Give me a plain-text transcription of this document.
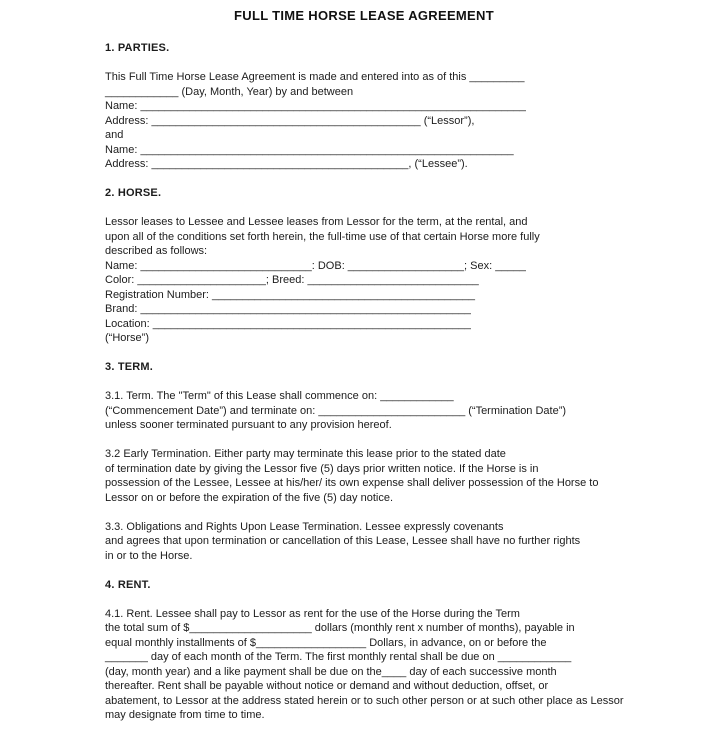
FULL TIME HORSE LEASE AGREEMENT
1. PARTIES.
This Full Time Horse Lease Agreement is made and entered into as of this _________
____________ (Day, Month, Year) by and between
Name: _______________________________________________________________
Address: ____________________________________________ (“Lessor”),
and
Name: _____________________________________________________________
Address: __________________________________________, (“Lessee”).
2. HORSE.
Lessor leases to Lessee and Lessee leases from Lessor for the term, at the rental, and
upon all of the conditions set forth herein, the full-time use of that certain Horse more fully
described as follows:
Name: ____________________________: DOB: ___________________; Sex: _____
Color: _____________________; Breed: ____________________________
Registration Number: ___________________________________________
Brand: ______________________________________________________
Location: ____________________________________________________
(“Horse”)
3. TERM.
3.1. Term. The "Term" of this Lease shall commence on: ____________
(“Commencement Date”) and terminate on: ________________________ (“Termination Date”)
unless sooner terminated pursuant to any provision hereof.
3.2 Early Termination. Either party may terminate this lease prior to the stated date
of termination date by giving the Lessor five (5) days prior written notice. If the Horse is in
possession of the Lessee, Lessee at his/her/ its own expense shall deliver possession of the Horse to
Lessor on or before the expiration of the five (5) day notice.
3.3. Obligations and Rights Upon Lease Termination. Lessee expressly covenants
and agrees that upon termination or cancellation of this Lease, Lessee shall have no further rights
in or to the Horse.
4. RENT.
4.1. Rent. Lessee shall pay to Lessor as rent for the use of the Horse during the Term
the total sum of $____________________ dollars (monthly rent x number of months), payable in
equal monthly installments of $__________________ Dollars, in advance, on or before the
_______ day of each month of the Term. The first monthly rental shall be due on ____________
(day, month year) and a like payment shall be due on the____ day of each successive month
thereafter. Rent shall be payable without notice or demand and without deduction, offset, or
abatement, to Lessor at the address stated herein or to such other person or at such other place as Lessor
may designate from time to time.
